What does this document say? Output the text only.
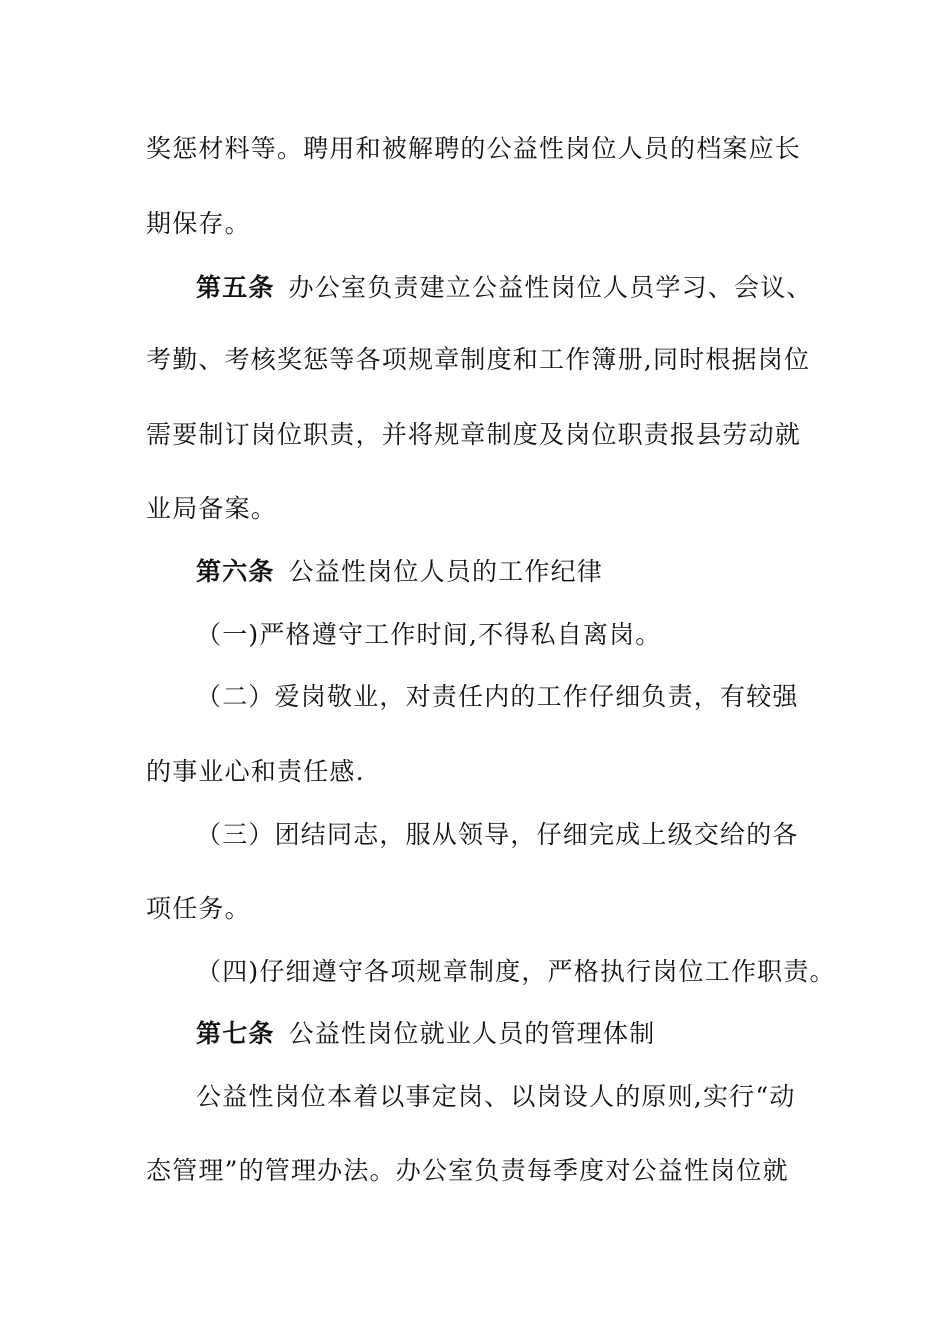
奖惩材料等。聘用和被解聘的公益性岗位人员的档案应长
期保存。
第五条 办公室负责建立公益性岗位人员学习、会议、
考勤、考核奖惩等各项规章制度和工作簿册,同时根据岗位
需要制订岗位职责，并将规章制度及岗位职责报县劳动就
业局备案。
第六条 公益性岗位人员的工作纪律
（一)严格遵守工作时间,不得私自离岗。
（二）爱岗敬业，对责任内的工作仔细负责，有较强
的事业心和责任感.
（三）团结同志，服从领导，仔细完成上级交给的各
项任务。
（四)仔细遵守各项规章制度，严格执行岗位工作职责。
第七条 公益性岗位就业人员的管理体制
公益性岗位本着以事定岗、以岗设人的原则,实行“动
态管理”的管理办法。办公室负责每季度对公益性岗位就
